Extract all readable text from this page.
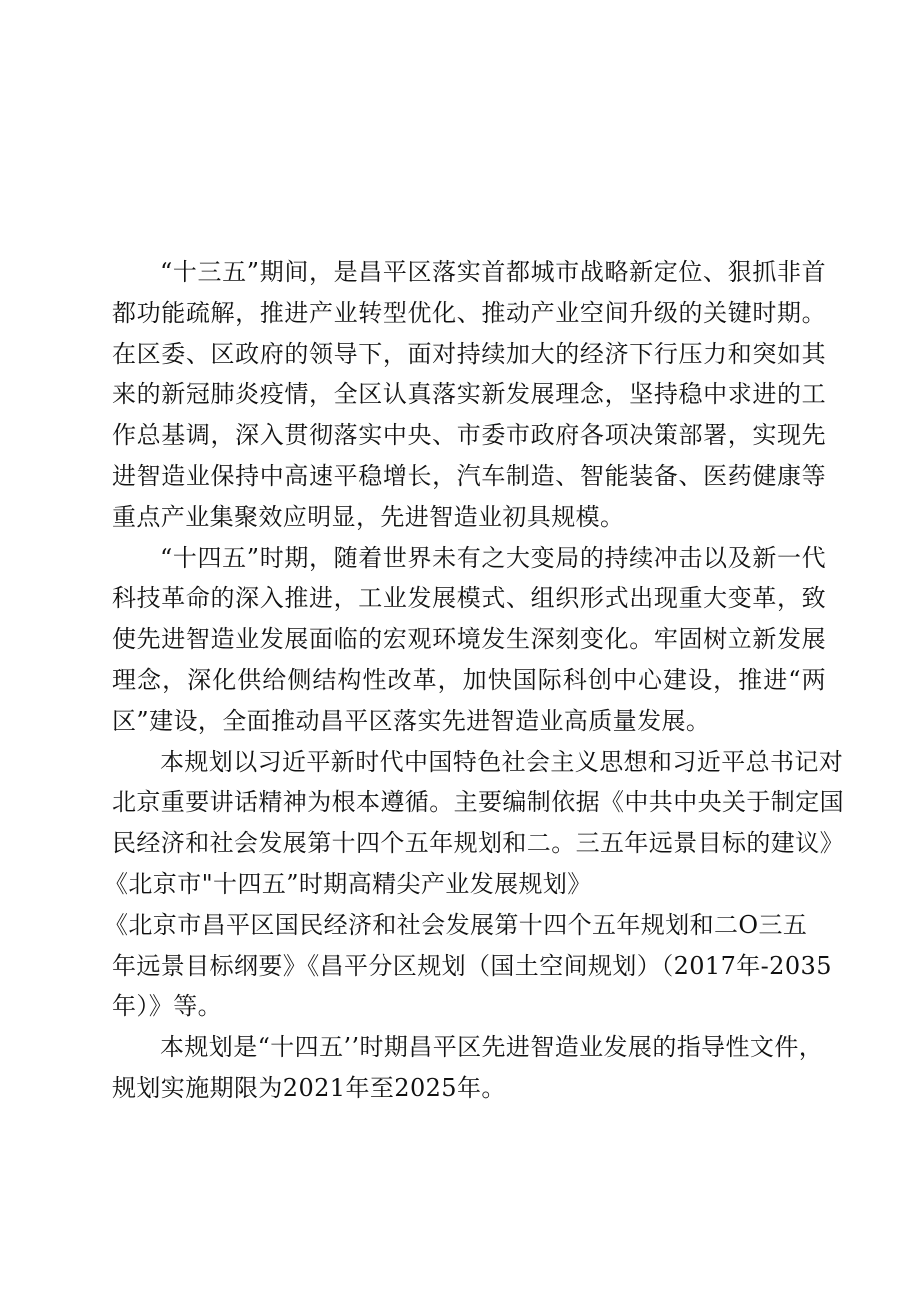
“十三五”期间，是昌平区落实首都城市战略新定位、狠抓非首都功能疏解，推进产业转型优化、推动产业空间升级的关键时期。在区委、区政府的领导下，面对持续加大的经济下行压力和突如其来的新冠肺炎疫情，全区认真落实新发展理念，坚持稳中求进的工作总基调，深入贯彻落实中央、市委市政府各项决策部署，实现先进智造业保持中高速平稳增长，汽车制造、智能装备、医药健康等重点产业集聚效应明显，先进智造业初具规模。

“十四五”时期，随着世界未有之大变局的持续冲击以及新一代科技革命的深入推进，工业发展模式、组织形式出现重大变革，致使先进智造业发展面临的宏观环境发生深刻变化。牢固树立新发展理念，深化供给侧结构性改革，加快国际科创中心建设，推进“两区”建设，全面推动昌平区落实先进智造业高质量发展。

本规划以习近平新时代中国特色社会主义思想和习近平总书记对
北京重要讲话精神为根本遵循。主要编制依据《中共中央关于制定国
民经济和社会发展第十四个五年规划和二。三五年远景目标的建议》
《北京市"十四五”时期高精尖产业发展规划》
《北京市昌平区国民经济和社会发展第十四个五年规划和二O三五
年远景目标纲要》《昌平分区规划（国土空间规划）（2017年-2035
年）》等。
本规划是“十四五’’时期昌平区先进智造业发展的指导性文件，
规划实施期限为2021年至2025年。
